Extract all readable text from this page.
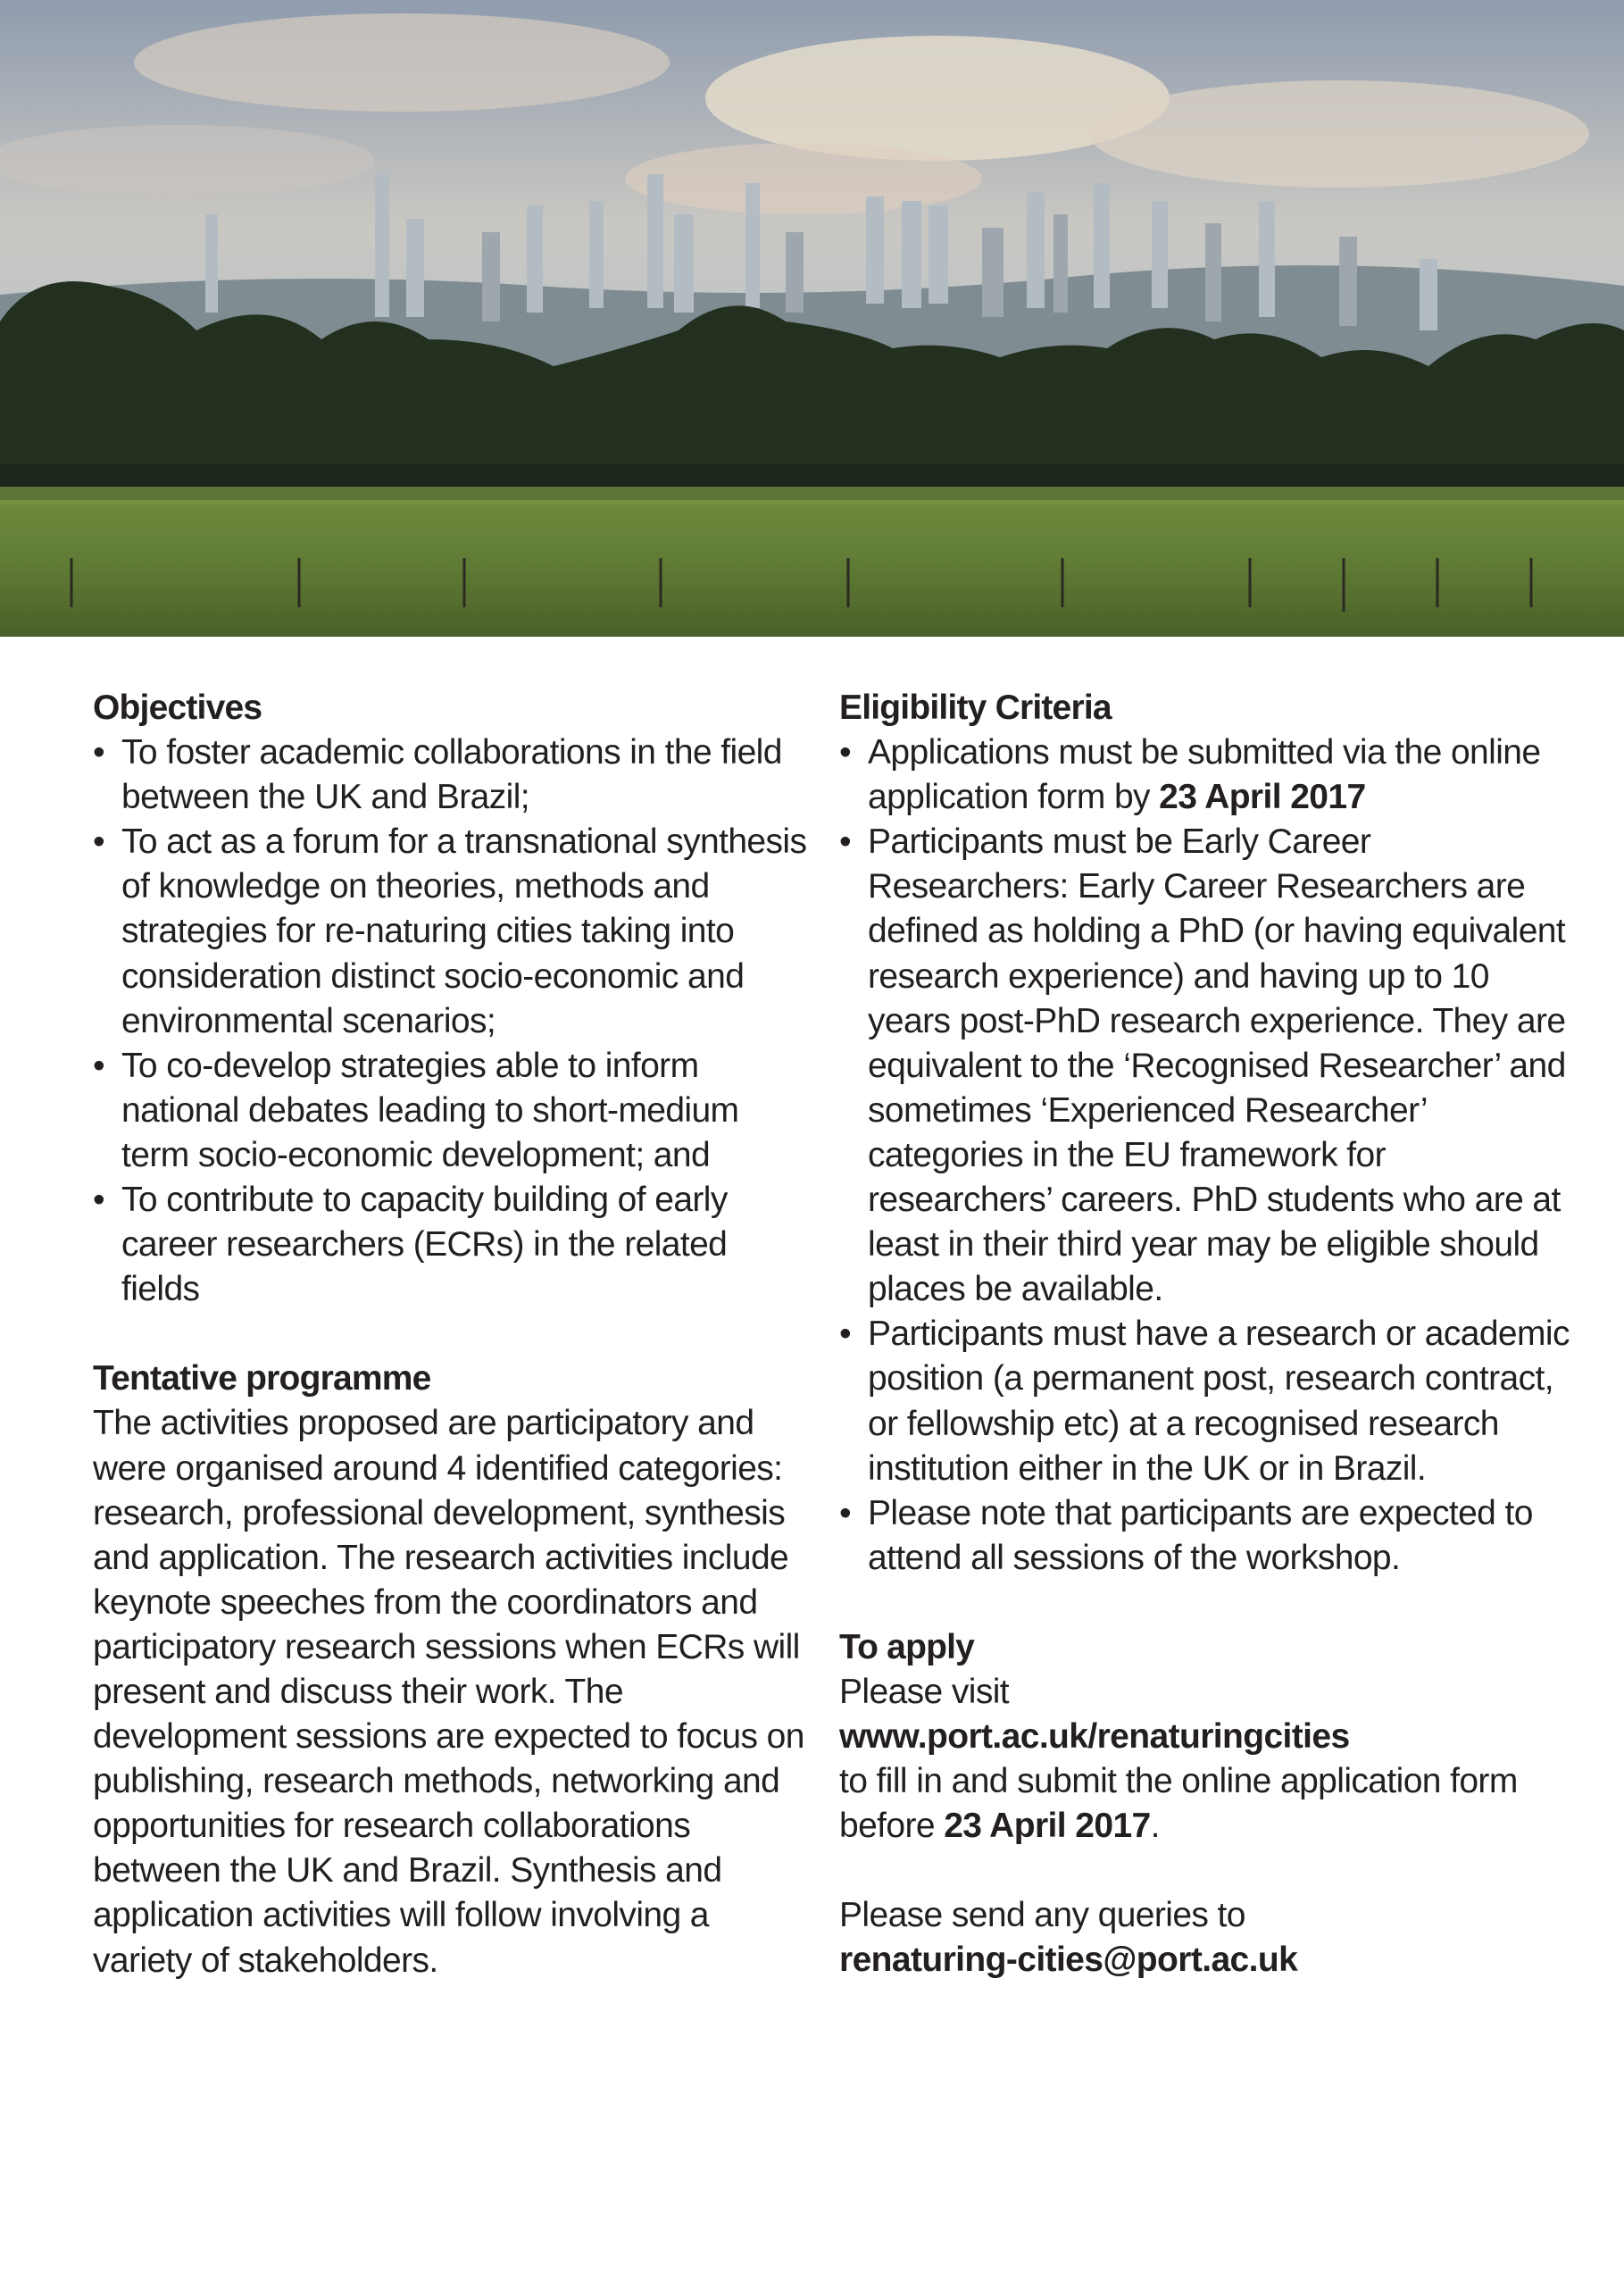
Objectives
• To foster academic collaborations in the field between the UK and Brazil;
• To act as a forum for a transnational synthesis of knowledge on theories, methods and strategies for re-naturing cities taking into consideration distinct socio-economic and environmental scenarios;
• To co-develop strategies able to inform national debates leading to short-medium term socio-economic development; and
• To contribute to capacity building of early career researchers (ECRs) in the related fields
Tentative programme

The activities proposed are participatory and were organised around 4 identified categories: research, professional development, synthesis and application. The research activities include keynote speeches from the coordinators and participatory research sessions when ECRs will present and discuss their work. The development sessions are expected to focus on publishing, research methods, networking and opportunities for research collaborations between the UK and Brazil. Synthesis and application activities will follow involving a variety of stakeholders.

Eligibility Criteria
• Applications must be submitted via the online application form by 23 April 2017
• Participants must be Early Career Researchers: Early Career Researchers are defined as holding a PhD (or having equivalent research experience) and having up to 10 years post-PhD research experience. They are equivalent to the ‘Recognised Researcher’ and sometimes ‘Experienced Researcher’ categories in the EU framework for researchers’ careers. PhD students who are at least in their third year may be eligible should places be available.
• Participants must have a research or academic position (a permanent post, research contract, or fellowship etc) at a recognised research institution either in the UK or in Brazil.
• Please note that participants are expected to attend all sessions of the workshop.
To apply

Please visit

www.port.ac.uk/renaturingcities

to fill in and submit the online application form before 23 April 2017.

Please send any queries to

renaturing-cities@port.ac.uk
